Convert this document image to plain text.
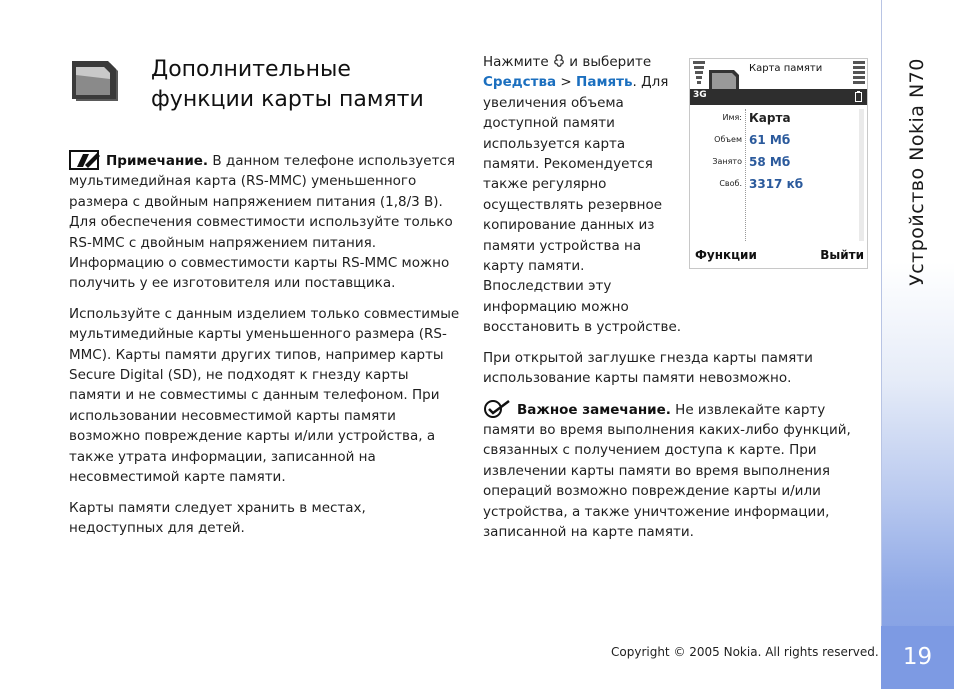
Устройство Nokia N70
19
Дополнительные
функции карты памяти

Примечание. В данном телефоне используется мультимедийная карта (RS-MMC) уменьшенного размера с двойным напряжением питания (1,8/3 В). Для обеспечения совместимости используйте только RS-MMC с двойным напряжением питания. Информацию о совместимости карты RS-MMC можно получить у ее изготовителя или поставщика.

Используйте с данным изделием только совместимые мультимедийные карты уменьшенного размера (RS-MMC). Карты памяти других типов, например карты Secure Digital (SD), не подходят к гнезду карты памяти и не совместимы с данным телефоном. При использовании несовместимой карты памяти возможно повреждение карты и/или устройства, а также утрата информации, записанной на несовместимой карте памяти.

Карты памяти следует хранить в местах, недоступных для детей.

Нажмите  и выберите Средства > Память. Для увеличения объема доступной памяти используется карта памяти. Рекомендуется также регулярно осуществлять резервное копирование данных из памяти устройства на карту памяти. Впоследствии эту информацию можно восстановить в устройстве.

При открытой заглушке гнезда карты памяти использование карты памяти невозможно.

Важное замечание. Не извлекайте карту памяти во время выполнения каких-либо функций, связанных с получением доступа к карте. При извлечении карты памяти во время выполнения операций возможно повреждение карты и/или устройства, а также уничтожение информации, записанной на карте памяти.

Карта памяти
3G
Имя: Карта
Объем 61 Мб
Занято 58 Мб
Своб. 3317 кб
Функции	Выйти
Copyright © 2005 Nokia. All rights reserved.
